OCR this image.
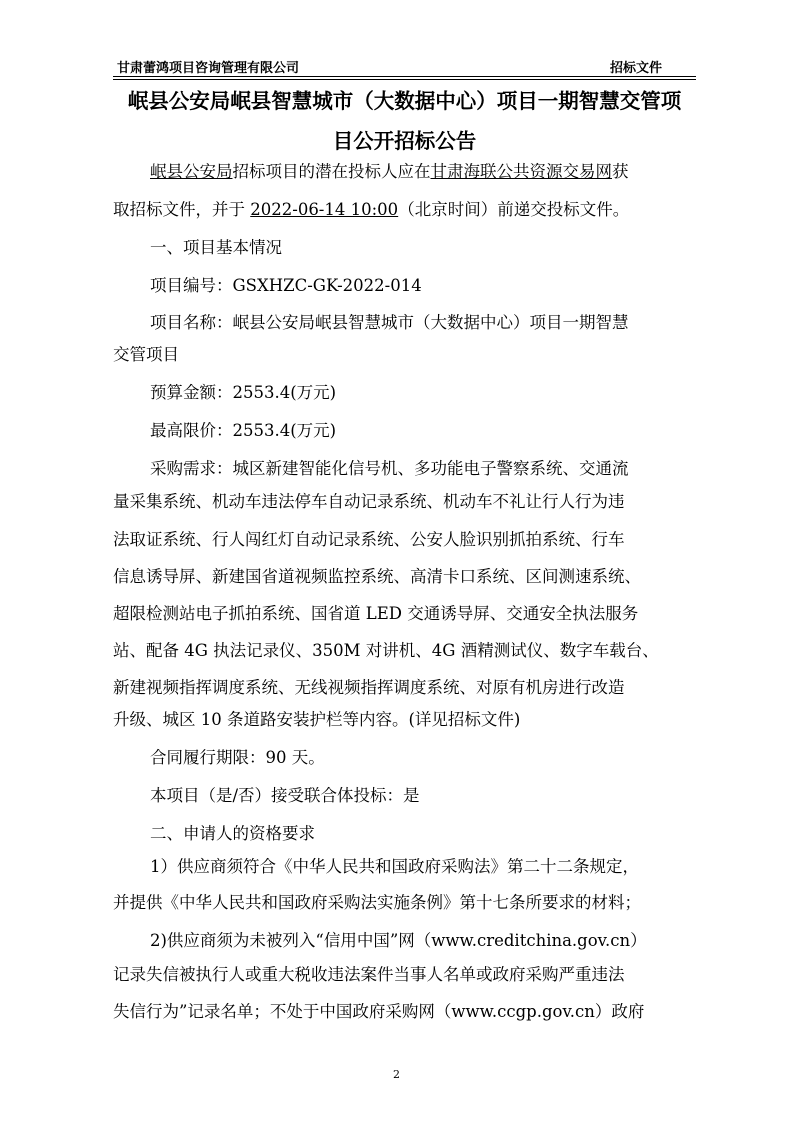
甘肃蕾鸿项目咨询管理有限公司	招标文件
岷县公安局岷县智慧城市（大数据中心）项目一期智慧交管项
目公开招标公告
岷县公安局招标项目的潜在投标人应在甘肃海联公共资源交易网获
取招标文件，并于 2022-06-14 10:00（北京时间）前递交投标文件。
一、项目基本情况
项目编号：GSXHZC-GK-2022-014
项目名称：岷县公安局岷县智慧城市（大数据中心）项目一期智慧
交管项目
预算金额：2553.4(万元)
最高限价：2553.4(万元)
采购需求：城区新建智能化信号机、多功能电子警察系统、交通流
量采集系统、机动车违法停车自动记录系统、机动车不礼让行人行为违
法取证系统、行人闯红灯自动记录系统、公安人脸识别抓拍系统、行车
信息诱导屏、新建国省道视频监控系统、高清卡口系统、区间测速系统、
超限检测站电子抓拍系统、国省道 LED 交通诱导屏、交通安全执法服务
站、配备 4G 执法记录仪、350M 对讲机、4G 酒精测试仪、数字车载台、
新建视频指挥调度系统、无线视频指挥调度系统、对原有机房进行改造
升级、城区 10 条道路安装护栏等内容。(详见招标文件)
合同履行期限：90 天。
本项目（是/否）接受联合体投标：是
二、申请人的资格要求
1）供应商须符合《中华人民共和国政府采购法》第二十二条规定，
并提供《中华人民共和国政府采购法实施条例》第十七条所要求的材料；
2)供应商须为未被列入“信用中国”网（www.creditchina.gov.cn）
记录失信被执行人或重大税收违法案件当事人名单或政府采购严重违法
失信行为”记录名单；不处于中国政府采购网（www.ccgp.gov.cn）政府
2
